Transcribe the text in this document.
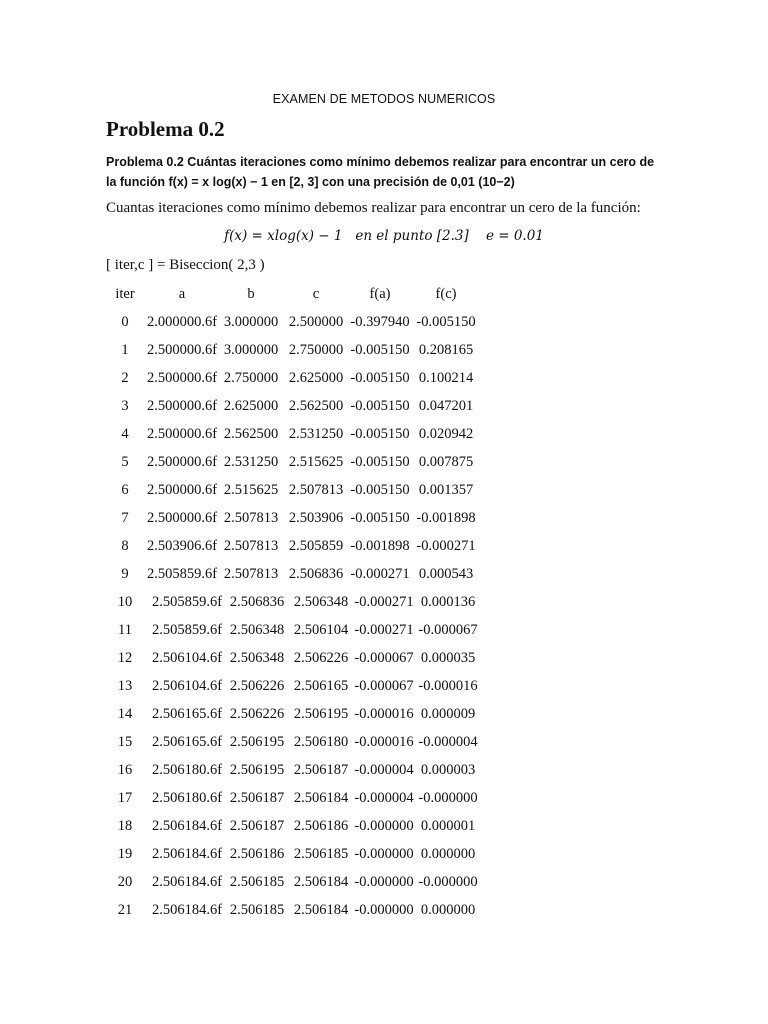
EXAMEN DE METODOS NUMERICOS
Problema 0.2
Problema 0.2 Cuántas iteraciones como mínimo debemos realizar para encontrar un cero de la función f(x) = x log(x) − 1 en [2, 3] con una precisión de 0,01 (10−2)
Cuantas iteraciones como mínimo debemos realizar para encontrar un cero de la función:
f(x) = xlog(x) − 1   en el punto [2.3]    e = 0.01
[ iter,c ] = Biseccion( 2,3 )
iter	a	b	c	f(a)	f(c)
0	2.000000.6f 3.000000 2.500000 -0.397940 -0.005150
1	2.500000.6f 3.000000 2.750000 -0.005150 0.208165
2	2.500000.6f 2.750000 2.625000 -0.005150 0.100214
3	2.500000.6f 2.625000 2.562500 -0.005150 0.047201
4	2.500000.6f 2.562500 2.531250 -0.005150 0.020942
5	2.500000.6f 2.531250 2.515625 -0.005150 0.007875
6	2.500000.6f 2.515625 2.507813 -0.005150 0.001357
7	2.500000.6f 2.507813 2.503906 -0.005150 -0.001898
8	2.503906.6f 2.507813 2.505859 -0.001898 -0.000271
9	2.505859.6f 2.507813 2.506836 -0.000271 0.000543
10	2.505859.6f 2.506836 2.506348 -0.000271 0.000136
11	2.505859.6f 2.506348 2.506104 -0.000271 -0.000067
12	2.506104.6f 2.506348 2.506226 -0.000067 0.000035
13	2.506104.6f 2.506226 2.506165 -0.000067 -0.000016
14	2.506165.6f 2.506226 2.506195 -0.000016 0.000009
15	2.506165.6f 2.506195 2.506180 -0.000016 -0.000004
16	2.506180.6f 2.506195 2.506187 -0.000004 0.000003
17	2.506180.6f 2.506187 2.506184 -0.000004 -0.000000
18	2.506184.6f 2.506187 2.506186 -0.000000 0.000001
19	2.506184.6f 2.506186 2.506185 -0.000000 0.000000
20	2.506184.6f 2.506185 2.506184 -0.000000 -0.000000
21	2.506184.6f 2.506185 2.506184 -0.000000 0.000000
